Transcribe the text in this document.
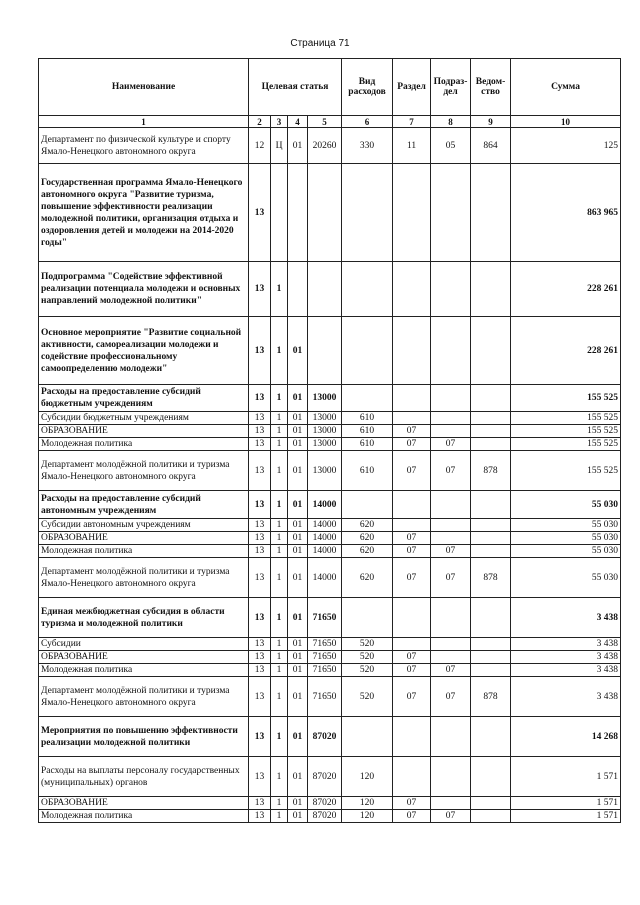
Страница 71
Наименование	Целевая статья				Вид расходов	Раздел	Подраз-дел	Ведом-ство	Сумма
1	2	3	4	5	6	7	8	9	10
Департамент по физической культуре и спорту Ямало-Ненецкого автономного округа	12	Ц	01	20260	330	11	05	864	125
Государственная программа Ямало-Ненецкого автономного округа "Развитие туризма, повышение эффективности реализации молодежной политики, организация отдыха и оздоровления детей и молодежи на 2014-2020 годы"	13								863 965
Подпрограмма "Содействие эффективной реализации потенциала молодежи и основных направлений молодежной политики"	13	1							228 261
Основное мероприятие "Развитие социальной активности, самореализации молодежи и содействие профессиональному самоопределению молодежи"	13	1	01						228 261
Расходы на предоставление субсидий бюджетным учреждениям	13	1	01	13000					155 525
Субсидии бюджетным учреждениям	13	1	01	13000	610				155 525
ОБРАЗОВАНИЕ	13	1	01	13000	610	07			155 525
Молодежная политика	13	1	01	13000	610	07	07		155 525
Департамент молодёжной политики и туризма Ямало-Ненецкого автономного округа	13	1	01	13000	610	07	07	878	155 525
Расходы на предоставление субсидий автономным учреждениям	13	1	01	14000					55 030
Субсидии автономным учреждениям	13	1	01	14000	620				55 030
ОБРАЗОВАНИЕ	13	1	01	14000	620	07			55 030
Молодежная политика	13	1	01	14000	620	07	07		55 030
Департамент молодёжной политики и туризма Ямало-Ненецкого автономного округа	13	1	01	14000	620	07	07	878	55 030
Единая межбюджетная субсидия в области туризма и молодежной политики	13	1	01	71650					3 438
Субсидии	13	1	01	71650	520				3 438
ОБРАЗОВАНИЕ	13	1	01	71650	520	07			3 438
Молодежная политика	13	1	01	71650	520	07	07		3 438
Департамент молодёжной политики и туризма Ямало-Ненецкого автономного округа	13	1	01	71650	520	07	07	878	3 438
Мероприятия по повышению эффективности реализации молодежной политики	13	1	01	87020					14 268
Расходы на выплаты персоналу государственных (муниципальных) органов	13	1	01	87020	120				1 571
ОБРАЗОВАНИЕ	13	1	01	87020	120	07			1 571
Молодежная политика	13	1	01	87020	120	07	07		1 571
